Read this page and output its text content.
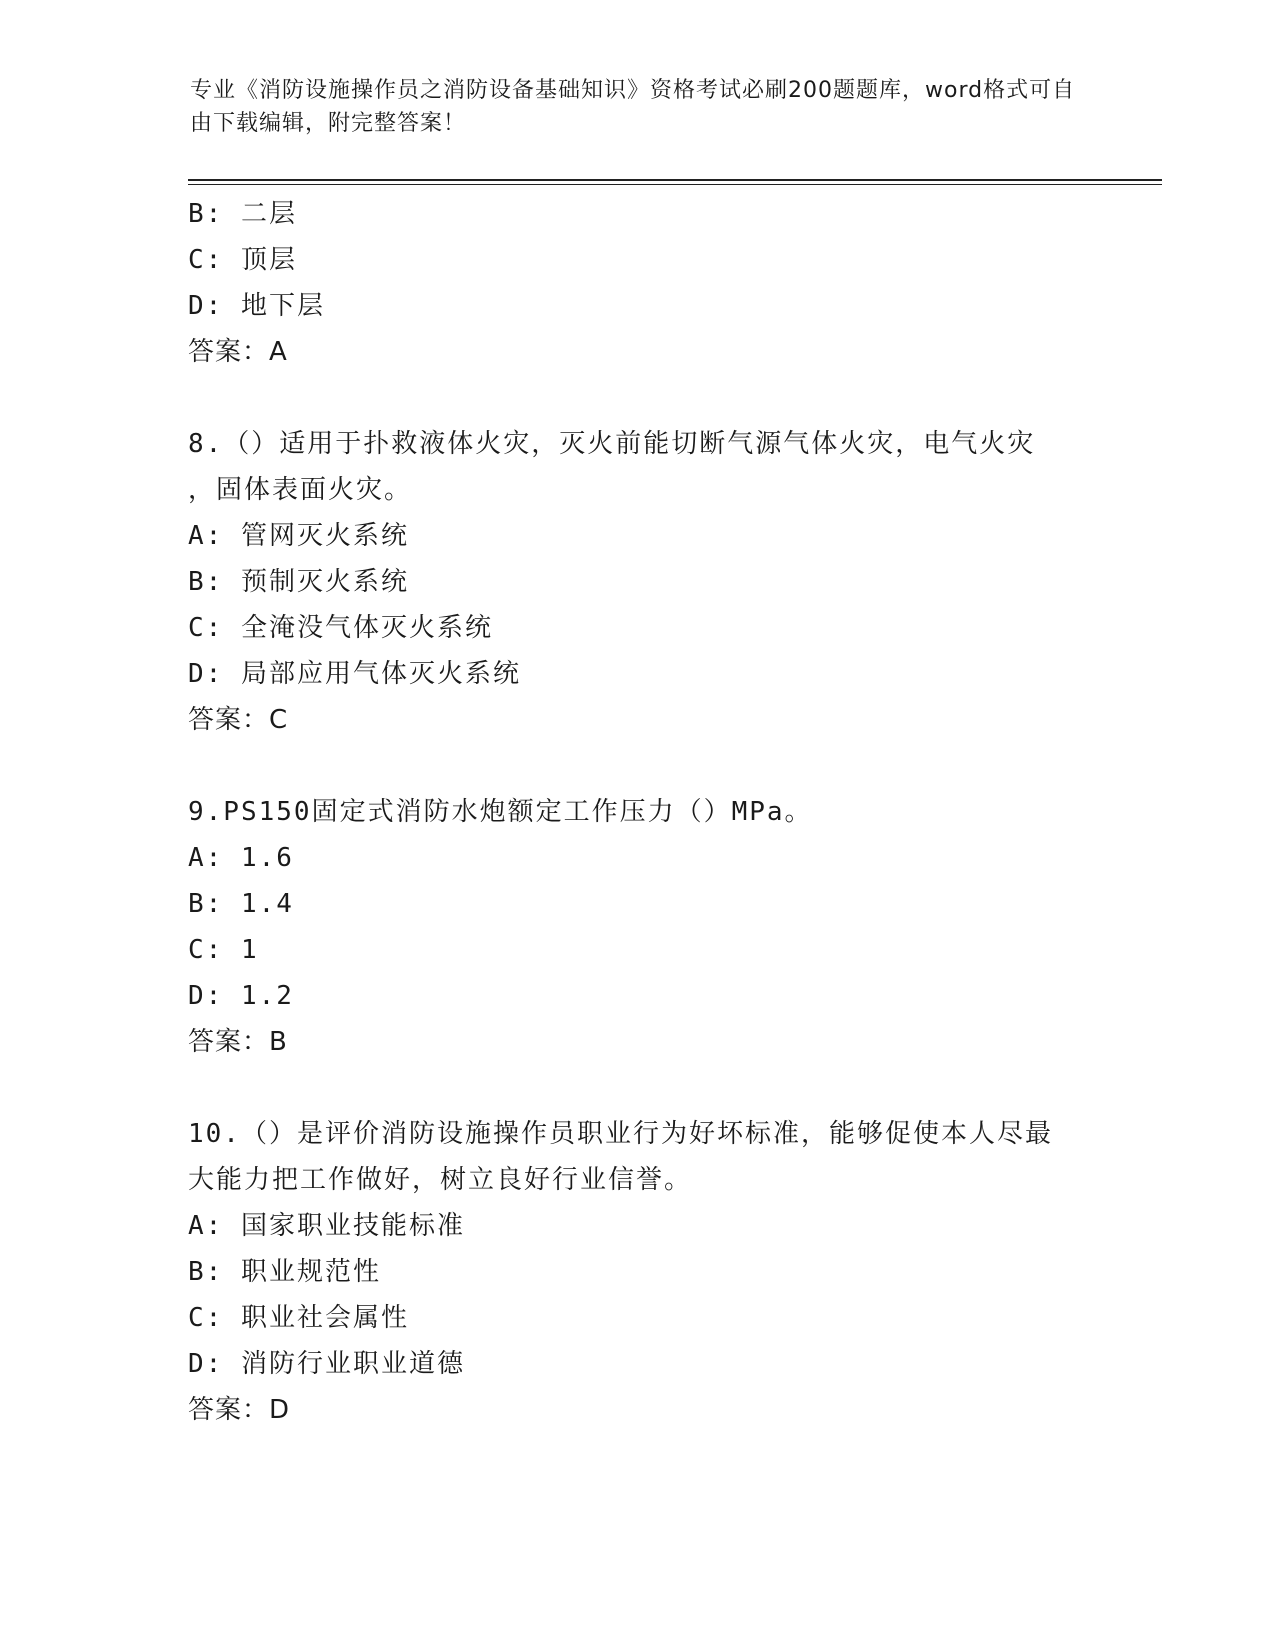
专业《消防设施操作员之消防设备基础知识》资格考试必刷200题题库，word格式可自由下载编辑，附完整答案！
B: 二层
C: 顶层
D: 地下层
答案：A
8.（）适用于扑救液体火灾，灭火前能切断气源气体火灾，电气火灾
，固体表面火灾。
A: 管网灭火系统
B: 预制灭火系统
C: 全淹没气体灭火系统
D: 局部应用气体灭火系统
答案：C
9.PS150固定式消防水炮额定工作压力（）MPa。
A: 1.6
B: 1.4
C: 1
D: 1.2
答案：B
10.（）是评价消防设施操作员职业行为好坏标准，能够促使本人尽最
大能力把工作做好，树立良好行业信誉。
A: 国家职业技能标准
B: 职业规范性
C: 职业社会属性
D: 消防行业职业道德
答案：D
